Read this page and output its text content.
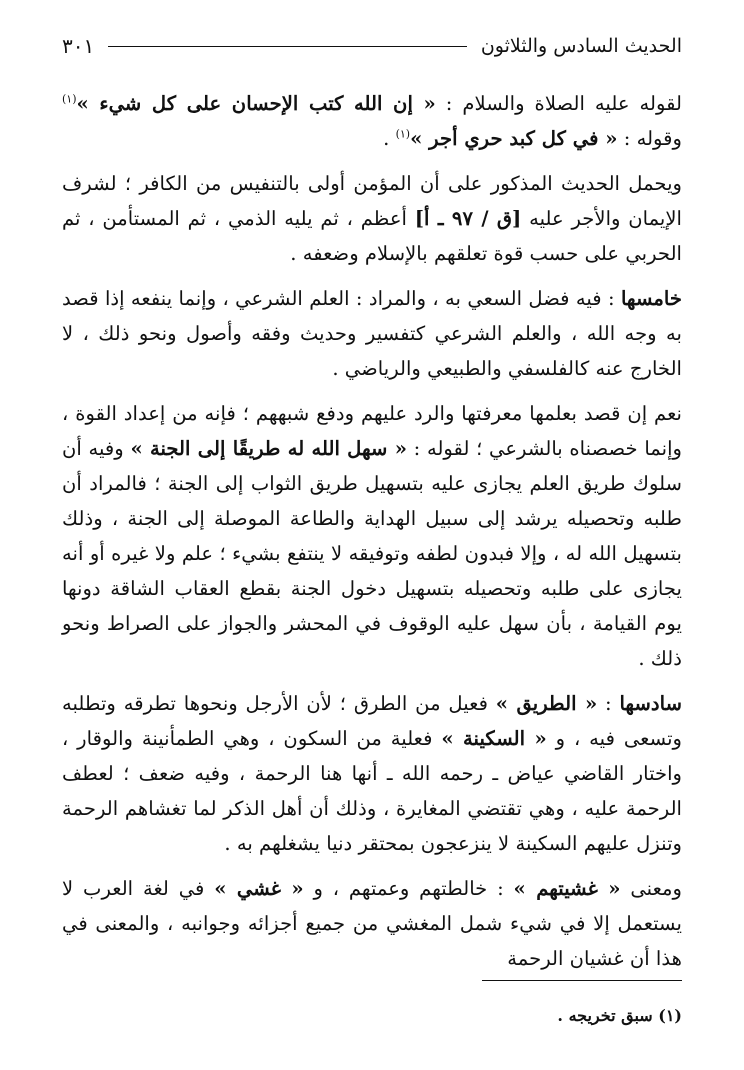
الحديث السادس والثلاثون
٣٠١

لقوله عليه الصلاة والسلام : « إن الله كتب الإحسان على كل شيء »$^{(١)}$ وقوله : « في كل كبد حري أجر »$^{(١)}$ .

ويحمل الحديث المذكور على أن المؤمن أولى بالتنفيس من الكافر ؛ لشرف الإيمان والأجر عليه [ق / ٩٧ ـ أ] أعظم ، ثم يليه الذمي ، ثم المستأمن ، ثم الحربي على حسب قوة تعلقهم بالإسلام وضعفه .

خامسها : فيه فضل السعي به ، والمراد : العلم الشرعي ، وإنما ينفعه إذا قصد به وجه الله ، والعلم الشرعي كتفسير وحديث وفقه وأصول ونحو ذلك ، لا الخارج عنه كالفلسفي والطبيعي والرياضي .

نعم إن قصد بعلمها معرفتها والرد عليهم ودفع شبههم ؛ فإنه من إعداد القوة ، وإنما خصصناه بالشرعي ؛ لقوله : « سهل الله له طريقًا إلى الجنة » وفيه أن سلوك طريق العلم يجازى عليه بتسهيل طريق الثواب إلى الجنة ؛ فالمراد أن طلبه وتحصيله يرشد إلى سبيل الهداية والطاعة الموصلة إلى الجنة ، وذلك بتسهيل الله له ، وإلا فبدون لطفه وتوفيقه لا ينتفع بشيء ؛ علم ولا غيره أو أنه يجازى على طلبه وتحصيله بتسهيل دخول الجنة بقطع العقاب الشاقة دونها يوم القيامة ، بأن سهل عليه الوقوف في المحشر والجواز على الصراط ونحو ذلك .

سادسها : « الطريق » فعيل من الطرق ؛ لأن الأرجل ونحوها تطرقه وتطلبه وتسعى فيه ، و « السكينة » فعلية من السكون ، وهي الطمأنينة والوقار ، واختار القاضي عياض ـ رحمه الله ـ أنها هنا الرحمة ، وفيه ضعف ؛ لعطف الرحمة عليه ، وهي تقتضي المغايرة ، وذلك أن أهل الذكر لما تغشاهم الرحمة وتنزل عليهم السكينة لا ينزعجون بمحتقر دنيا يشغلهم به .

ومعنى « غشيتهم » : خالطتهم وعمتهم ، و « غشي » في لغة العرب لا يستعمل إلا في شيء شمل المغشي من جميع أجزائه وجوانبه ، والمعنى في هذا أن غشيان الرحمة

(١) سبق تخريجه .
